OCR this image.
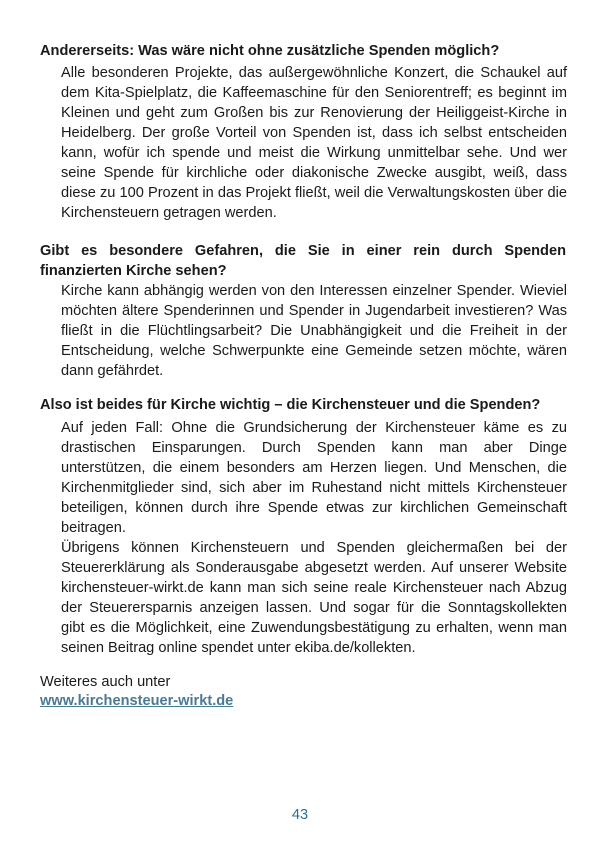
Andererseits: Was wäre nicht ohne zusätzliche Spenden möglich?

Alle besonderen Projekte, das außergewöhnliche Konzert, die Schaukel auf dem Kita-Spielplatz, die Kaffeemaschine für den Seniorentreff; es beginnt im Kleinen und geht zum Großen bis zur Renovierung der Heiliggeist-Kirche in Heidelberg. Der große Vorteil von Spenden ist, dass ich selbst entscheiden kann, wofür ich spende und meist die Wirkung unmittelbar sehe. Und wer seine Spende für kirchliche oder diakonische Zwecke ausgibt, weiß, dass diese zu 100 Prozent in das Projekt fließt, weil die Verwaltungskosten über die Kirchensteuern getragen werden.

Gibt es besondere Gefahren, die Sie in einer rein durch Spenden finanzierten Kirche sehen?

Kirche kann abhängig werden von den Interessen einzelner Spender. Wieviel möchten ältere Spenderinnen und Spender in Jugendarbeit investieren? Was fließt in die Flüchtlingsarbeit? Die Unabhängigkeit und die Freiheit in der Entscheidung, welche Schwerpunkte eine Gemeinde setzen möchte, wären dann gefährdet.

Also ist beides für Kirche wichtig – die Kirchensteuer und die Spenden?

Auf jeden Fall: Ohne die Grundsicherung der Kirchensteuer käme es zu drastischen Einsparungen. Durch Spenden kann man aber Dinge unterstützen, die einem besonders am Herzen liegen. Und Menschen, die Kirchenmitglieder sind, sich aber im Ruhestand nicht mittels Kirchensteuer beteiligen, können durch ihre Spende etwas zur kirchlichen Gemeinschaft beitragen.

Übrigens können Kirchensteuern und Spenden gleichermaßen bei der Steuererklärung als Sonderausgabe abgesetzt werden. Auf unserer Website kirchensteuer-wirkt.de kann man sich seine reale Kirchensteuer nach Abzug der Steuerersparnis anzeigen lassen. Und sogar für die Sonntagskollekten gibt es die Möglichkeit, eine Zuwendungsbestätigung zu erhalten, wenn man seinen Beitrag online spendet unter ekiba.de/kollekten.

Weiteres auch unter

www.kirchensteuer-wirkt.de
43
